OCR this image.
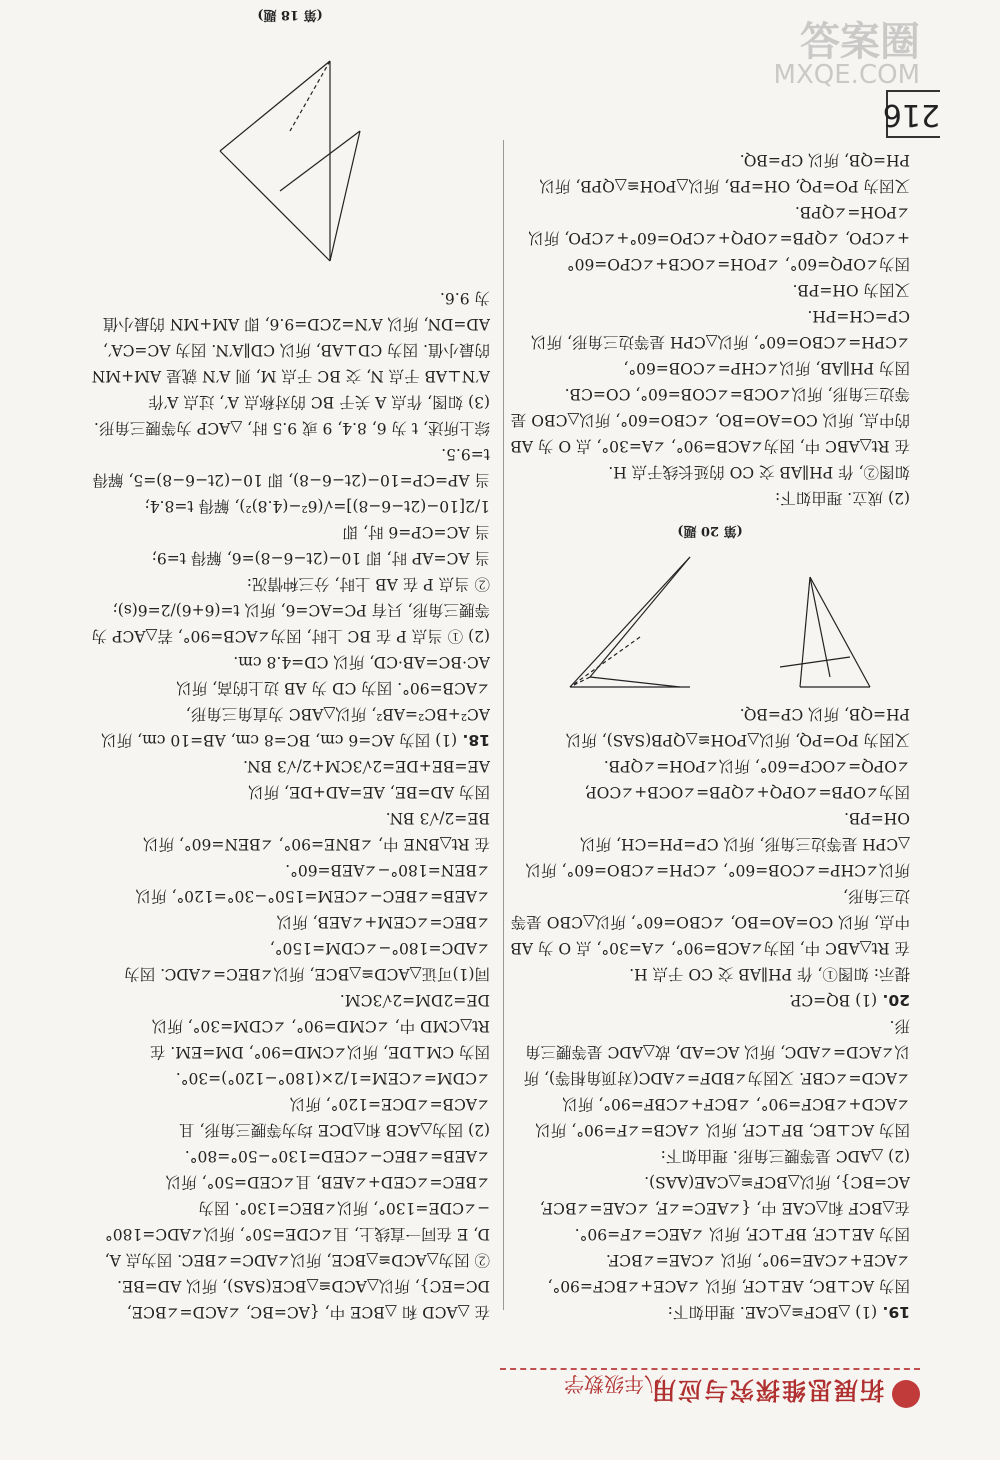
拓展思维探究与应用
八年级数学

19. (1) △BCF≌△CAE. 理由如下:

因为 AC⊥BC, AE⊥CF, 所以 ∠ACE+∠BCF=90°,

∠ACE+∠CAE=90°, 所以 ∠CAE=∠BCF.

因为 AE⊥CF, BF⊥CF, 所以 ∠AEC=∠F=90°.

在△BCF 和△CAE 中, {∠AEC=∠F, ∠CAE=∠BCF, AC=BC}, 所以△BCF≌△CAE(AAS).

(2) △ADC 是等腰三角形. 理由如下:

因为 AC⊥BC, BF⊥CF, 所以 ∠ACB=∠F=90°, 所以 ∠ACD+∠BCF=90°, ∠BCF+∠CBF=90°, 所以 ∠ACD=∠CBF. 又因为∠BDF=∠ADC(对顶角相等), 所以∠ACD=∠ADC, 所以 AC=AD, 故△ADC 是等腰三角形.

20. (1) BQ=CP.

提示: 如图①, 作 PH∥AB 交 CO 于点 H.

在 Rt△ABC 中, 因为∠ACB=90°, ∠A=30°, 点 O 为 AB 中点, 所以 CO=AO=BO, ∠CBO=60°, 所以△CBO 是等边三角形,

所以∠CHP=∠COB=60°, ∠CPH=∠CBO=60°, 所以△CPH 是等边三角形, 所以 CP=PH=CH, 所以 OH=PB.

因为∠OPB=∠OPQ+∠QPB=∠OCB+∠COP, ∠OPQ=∠OCP=60°, 所以∠POH=∠QPB.

又因为 PO=PQ, 所以△POH≌△QPB(SAS), 所以 PH=QB, 所以 CP=BQ.

(第 20 题)

(2) 成立. 理由如下:

如图②, 作 PH∥AB 交 CO 的延长线于点 H.

在 Rt△ABC 中, 因为∠ACB=90°, ∠A=30°, 点 O 为 AB 的中点, 所以 CO=AO=BO, ∠CBO=60°, 所以△CBO 是等边三角形, 所以∠OCB=∠COB=60°, CO=CB.

因为 PH∥AB, 所以∠CHP=∠COB=60°, ∠CPH=∠CBO=60°, 所以△CPH 是等边三角形, 所以 CP=CH=PH.

又因为 OH=PB.

因为∠OPQ=60°, ∠POH=∠OCB+∠CPO=60°+∠CPO, ∠QPB=∠OPQ+∠CPO=60°+∠CPO, 所以∠POH=∠QPB.

又因为 PO=PQ, OH=PB, 所以△POH≌△QPB, 所以 PH=QB, 所以 CP=BQ.

在 △ACD 和 △BCE 中, {AC=BC, ∠ACD=∠BCE, DC=EC}, 所以△ACD≌△BCE(SAS), 所以 AD=BE.

② 因为△ACD≌△BCE, 所以∠ADC=∠BEC. 因为点 A, D, E 在同一直线上, 且∠CDE=50°, 所以∠ADC=180°−∠CDE=130°, 所以∠BEC=130°. 因为∠BEC=∠CED+∠AEB, 且∠CED=50°, 所以∠AEB=∠BEC−∠CED=130°−50°=80°.

(2) 因为△ACB 和△DCE 均为等腰三角形, 且∠ACB=∠DCE=120°, 所以∠CDM=∠CEM=1/2×(180°−120°)=30°.

因为 CM⊥DE, 所以∠CMD=90°, DM=EM. 在 Rt△CMD 中, ∠CMD=90°, ∠CDM=30°, 所以 DE=2DM=2√3CM.

同(1)可证△ACD≌△BCE, 所以∠BEC=∠ADC. 因为∠ADC=180°−∠CDM=150°, ∠BEC=∠CEM+∠AEB, 所以∠AEB=∠BEC−∠CEM=150°−30°=120°, 所以∠BEN=180°−∠AEB=60°.

在 Rt△BNE 中, ∠BNE=90°, ∠BEN=60°, 所以 BE=2/√3 BN.

因为 AD=BE, AE=AD+DE, 所以 AE=BE+DE=2√3CM+2/√3 BN.

18. (1) 因为 AC=6 cm, BC=8 cm, AB=10 cm, 所以 AC²+BC²=AB², 所以△ABC 为直角三角形, ∠ACB=90°. 因为 CD 为 AB 边上的高, 所以 AC·BC=AB·CD, 所以 CD=4.8 cm.

(2) ① 当点 P 在 BC 上时, 因为∠ACB=90°, 若△ACP 为等腰三角形, 只有 PC=AC=6, 所以 t=(6+6)/2=6(s);

② 当点 P 在 AB 上时, 分三种情况:

当 AC=AP 时, 即 10−(2t−6−8)=6, 解得 t=9;

当 AC=CP=6 时, 即 1/2[10−(2t−6−8)]=√(6²−(4.8)²), 解得 t=8.4;

当 AP=CP=10−(2t−6−8), 即 10−(2t−6−8)=5, 解得 t=9.5.

综上所述, t 为 6, 8.4, 9 或 9.5 时, △ACP 为等腰三角形.

(3) 如图, 作点 A 关于 BC 的对称点 A′, 过点 A′作 A′N⊥AB 于点 N, 交 BC 于点 M, 则 A′N 就是 AM+MN 的最小值. 因为 CD⊥AB, 所以 CD∥A′N. 因为 AC=CA′, AD=DN, 所以 A′N=2CD=9.6, 即 AM+MN 的最小值为 9.6.

(第 18 题)

216
答案圈
MXQE.COM
